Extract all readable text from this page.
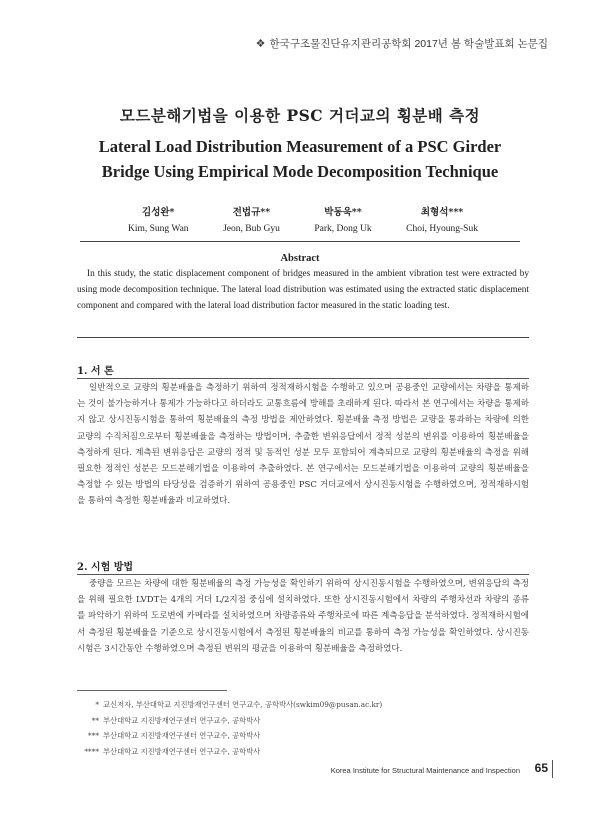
❖ 한국구조물진단유지관리공학회 2017년 봄 학술발표회 논문집
모드분해기법을 이용한 PSC 거더교의 횡분배 측정
Lateral Load Distribution Measurement of a PSC Girder
Bridge Using Empirical Mode Decomposition Technique
김성완*
Kim, Sung Wan
전법규**
Jeon, Bub Gyu
박동욱**
Park, Dong Uk
최형석***
Choi, Hyoung-Suk
Abstract
In this study, the static displacement component of bridges measured in the ambient vibration test were extracted by using mode decomposition technique. The lateral load distribution was estimated using the extracted static displacement component and compared with the lateral load distribution factor measured in the static loading test.
1. 서 론
일반적으로 교량의 횡분배율을 측정하기 위하여 정적재하시험을 수행하고 있으며 공용중인 교량에서는 차량을 통제하는 것이 불가능하거나 통제가 가능하다고 하더라도 교통흐름에 방해를 초래하게 된다. 따라서 본 연구에서는 차량을 통제하지 않고 상시진동시험을 통하여 횡분배율의 측정 방법을 제안하였다. 횡분배율 측정 방법은 교량을 통과하는 차량에 의한 교량의 수직처짐으로부터 횡분배율을 측정하는 방법이며, 추출한 변위응답에서 정적 성분의 변위를 이용하여 횡분배율을 측정하게 된다. 계측된 변위응답은 교량의 정적 및 동적인 성분 모두 포함되어 계측되므로 교량의 횡분배율의 측정을 위해 필요한 정적인 성분은 모드분해기법을 이용하여 추출하였다. 본 연구에서는 모드분해기법을 이용하여 교량의 횡분배율을 측정할 수 있는 방법의 타당성을 검증하기 위하여 공용중인 PSC 거더교에서 상시진동시험을 수행하였으며, 정적재하시험을 통하여 측정한 횡분배율과 비교하였다.
2. 시험 방법
중량을 모르는 차량에 대한 횡분배율의 측정 가능성을 확인하기 위하여 상시진동시험을 수행하였으며, 변위응답의 측정을 위해 필요한 LVDT는 4개의 거더 L/2지점 중심에 설치하였다. 또한 상시진동시험에서 차량의 주행차선과 차량의 종류를 파악하기 위하여 도로변에 카메라를 설치하였으며 차량종류와 주행차로에 따른 계측응답을 분석하였다. 정적재하시험에서 측정된 횡분배율을 기준으로 상시진동시험에서 측정된 횡분배율의 비교를 통하여 측정 가능성을 확인하였다. 상시진동시험은 3시간동안 수행하였으며 측정된 변위의 평균을 이용하여 횡분배율을 측정하였다.
* 교신저자, 부산대학교 지진방재연구센터 연구교수, 공학박사(swkim09@pusan.ac.kr)
** 부산대학교 지진방재연구센터 연구교수, 공학박사
*** 부산대학교 지진방재연구센터 연구교수, 공학박사
**** 부산대학교 지진방재연구센터 연구교수, 공학박사
Korea Institute for Structural Maintenance and Inspection 65
